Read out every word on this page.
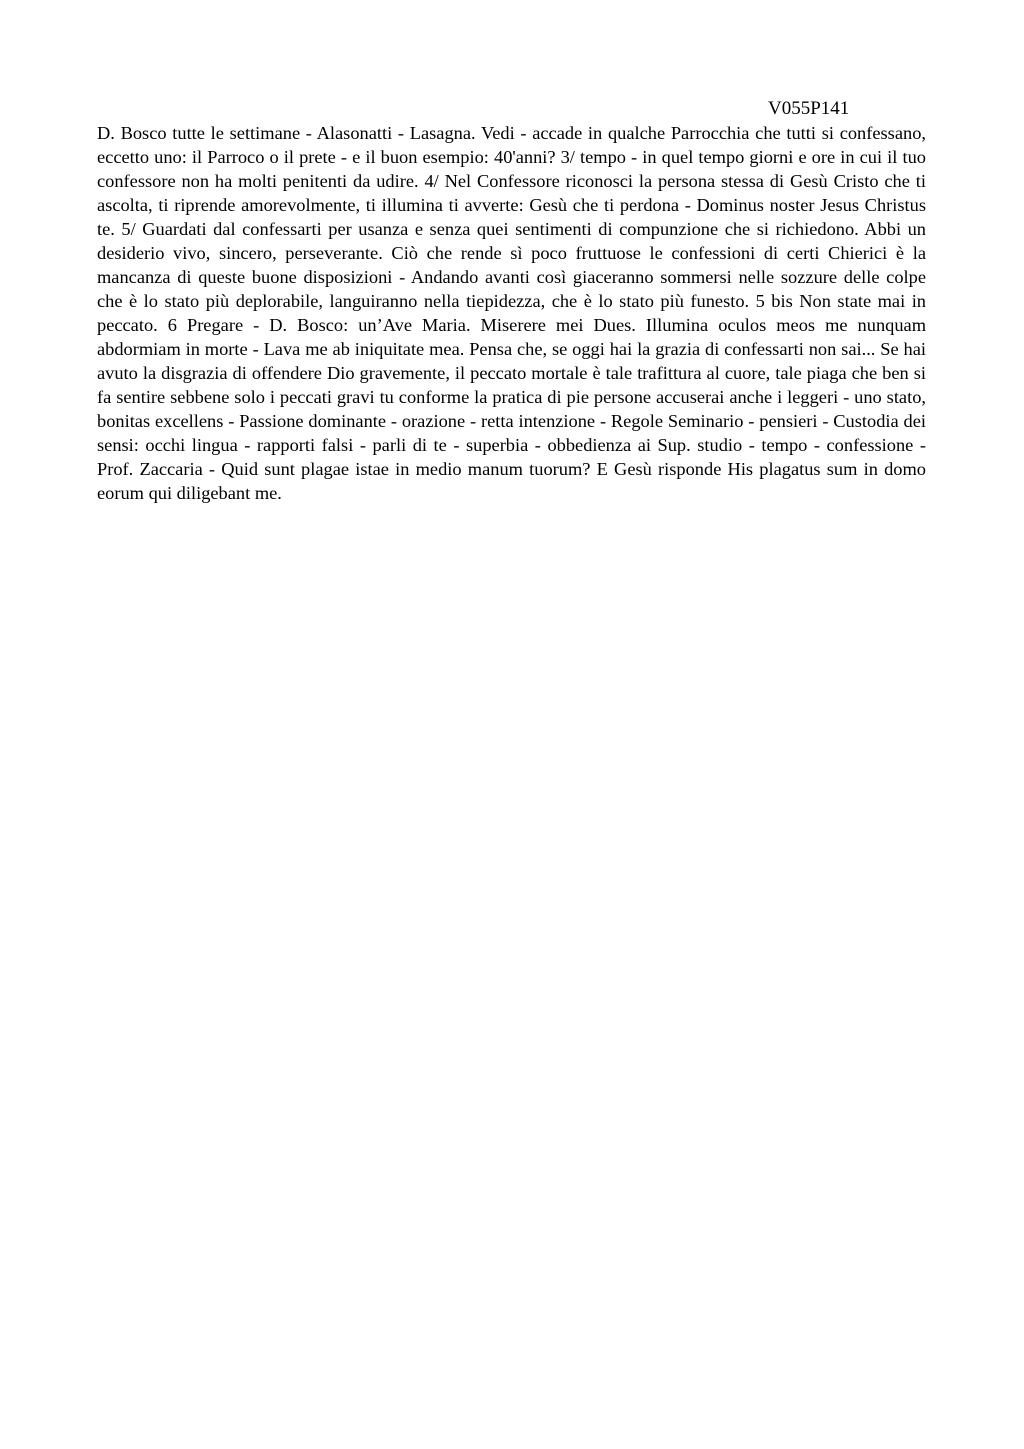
V055P141

D. Bosco tutte le settimane - Alasonatti - Lasagna. Vedi - accade in qualche Parrocchia che tutti si confessano, eccetto uno: il Parroco o il prete - e il buon esempio: 40'anni? 3/ tempo - in quel tempo giorni e ore in cui il tuo confessore non ha molti penitenti da udire. 4/ Nel Confessore riconosci la persona stessa di Gesù Cristo che ti ascolta, ti riprende amorevolmente, ti illumina ti avverte: Gesù che ti perdona - Dominus noster Jesus Christus te. 5/ Guardati dal confessarti per usanza e senza quei sentimenti di compunzione che si richiedono. Abbi un desiderio vivo, sincero, perseverante. Ciò che rende sì poco fruttuose le confessioni di certi Chierici è la mancanza di queste buone disposizioni - Andando avanti così giaceranno sommersi nelle sozzure delle colpe che è lo stato più deplorabile, languiranno nella tiepidezza, che è lo stato più funesto. 5 bis Non state mai in peccato. 6 Pregare - D. Bosco: un’Ave Maria. Miserere mei Dues. Illumina oculos meos me nunquam abdormiam in morte - Lava me ab iniquitate mea. Pensa che, se oggi hai la grazia di confessarti non sai... Se hai avuto la disgrazia di offendere Dio gravemente, il peccato mortale è tale trafittura al cuore, tale piaga che ben si fa sentire sebbene solo i peccati gravi tu conforme la pratica di pie persone accuserai anche i leggeri - uno stato, bonitas excellens - Passione dominante - orazione - retta intenzione - Regole Seminario - pensieri - Custodia dei sensi: occhi lingua - rapporti falsi - parli di te - superbia - obbedienza ai Sup. studio - tempo - confessione - Prof. Zaccaria - Quid sunt plagae istae in medio manum tuorum? E Gesù risponde His plagatus sum in domo eorum qui diligebant me.
